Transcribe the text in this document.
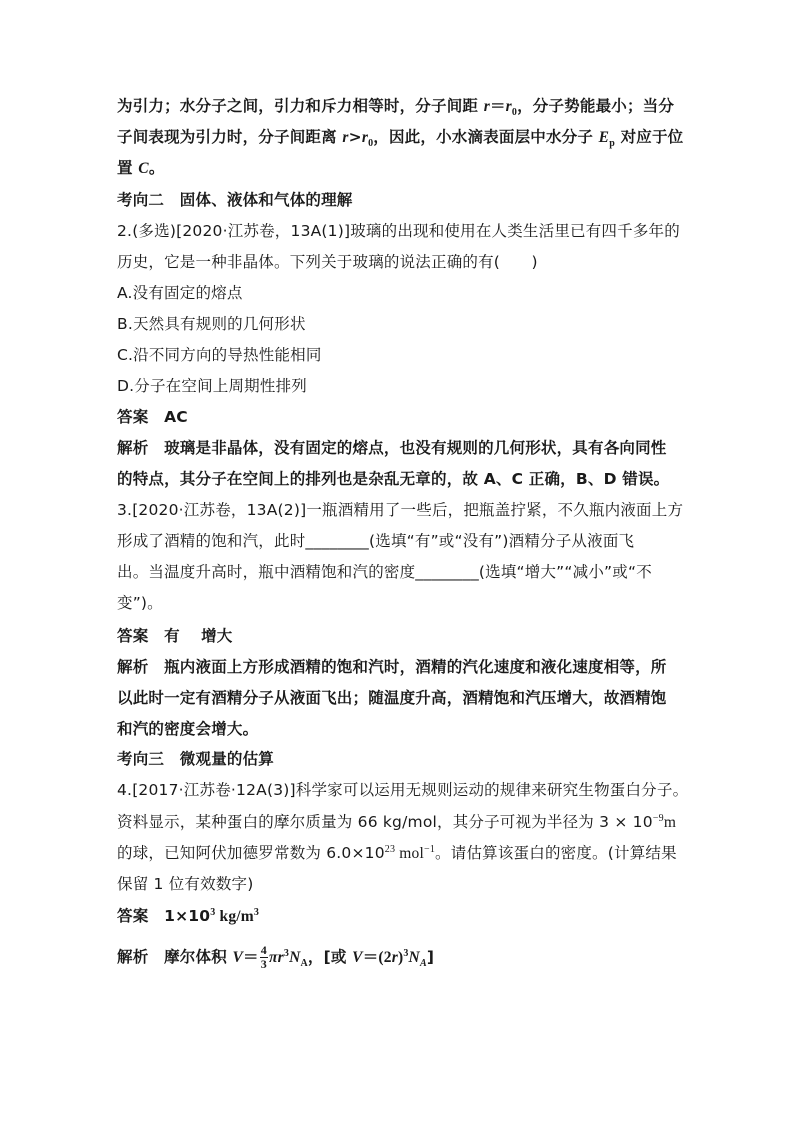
为引力；水分子之间，引力和斥力相等时，分子间距 $r=r_0$，分子势能最小；当分
子间表现为引力时，分子间距离 $r>r_0$，因此，小水滴表面层中水分子 $E_p$ 对应于位
置 C。
考向二　固体、液体和气体的理解
2.(多选)[2020·江苏卷，13A(1)]玻璃的出现和使用在人类生活里已有四千多年的
历史，它是一种非晶体。下列关于玻璃的说法正确的有(　　)
A.没有固定的熔点
B.天然具有规则的几何形状
C.沿不同方向的导热性能相同
D.分子在空间上周期性排列
答案　AC
解析　玻璃是非晶体，没有固定的熔点，也没有规则的几何形状，具有各向同性
的特点，其分子在空间上的排列也是杂乱无章的，故 A、C 正确，B、D 错误。
3.[2020·江苏卷，13A(2)]一瓶酒精用了一些后，把瓶盖拧紧，不久瓶内液面上方
形成了酒精的饱和汽，此时________(选填“有”或“没有”)酒精分子从液面飞
出。当温度升高时，瓶中酒精饱和汽的密度________(选填“增大”“减小”或“不
变”)。
答案　有　 增大
解析　瓶内液面上方形成酒精的饱和汽时，酒精的汽化速度和液化速度相等，所
以此时一定有酒精分子从液面飞出；随温度升高，酒精饱和汽压增大，故酒精饱
和汽的密度会增大。
考向三　微观量的估算
4.[2017·江苏卷·12A(3)]科学家可以运用无规则运动的规律来研究生物蛋白分子。
资料显示，某种蛋白的摩尔质量为 66 kg/mol，其分子可视为半径为 $3 \times 10^{-9}m$
的球，已知阿伏加德罗常数为 $6.0\times 10^{23}$ mol$^{-1}$。请估算该蛋白的密度。(计算结果
保留 1 位有效数字)
答案　$1\times 10^3$ $kg/m^3$
解析　摩尔体积 $V= \frac{4}{3} \pi r^3N_A$，[或 $V=(2r)^3N_A$]
